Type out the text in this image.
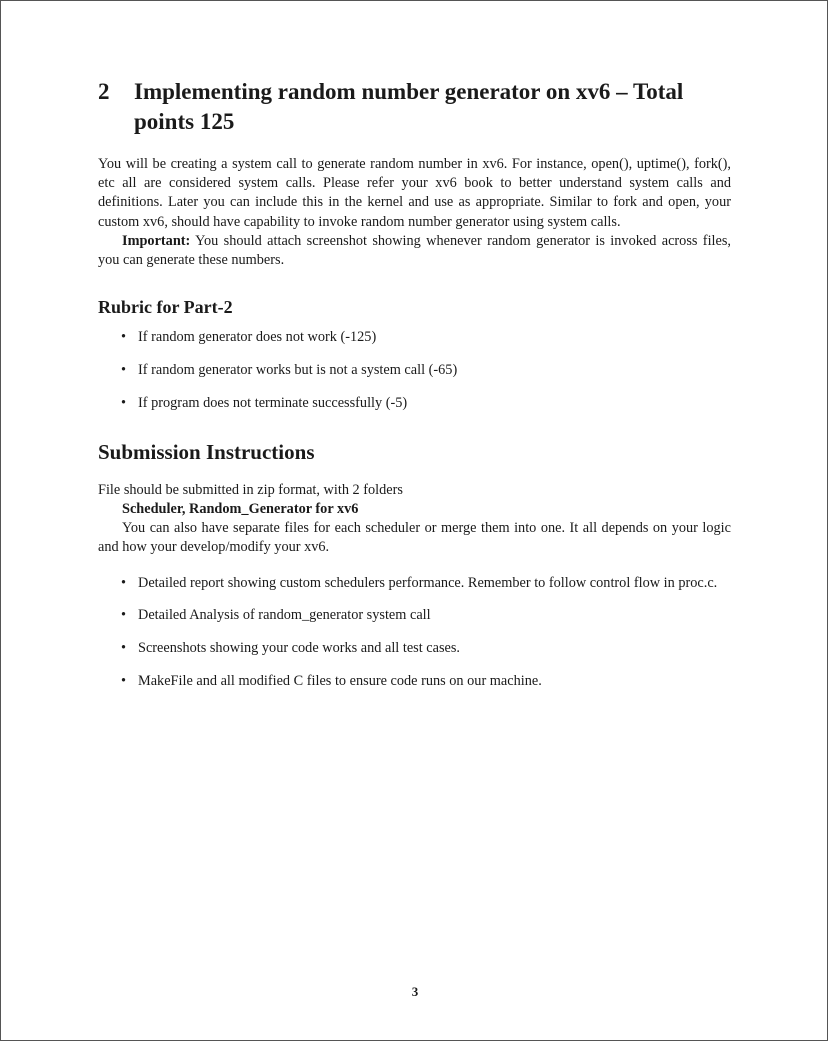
2	Implementing random number generator on xv6 – Total points 125

You will be creating a system call to generate random number in xv6. For instance, open(), uptime(), fork(), etc all are considered system calls. Please refer your xv6 book to better understand system calls and definitions. Later you can include this in the kernel and use as appropriate. Similar to fork and open, your custom xv6, should have capability to invoke random number generator using system calls.

Important: You should attach screenshot showing whenever random generator is invoked across files, you can generate these numbers.

Rubric for Part-2
• If random generator does not work (-125)
• If random generator works but is not a system call (-65)
• If program does not terminate successfully (-5)
Submission Instructions

File should be submitted in zip format, with 2 folders

Scheduler, Random_Generator for xv6

You can also have separate files for each scheduler or merge them into one. It all depends on your logic and how your develop/modify your xv6.

• Detailed report showing custom schedulers performance. Remember to follow control flow in proc.c.
• Detailed Analysis of random_generator system call
• Screenshots showing your code works and all test cases.
• MakeFile and all modified C files to ensure code runs on our machine.
3
